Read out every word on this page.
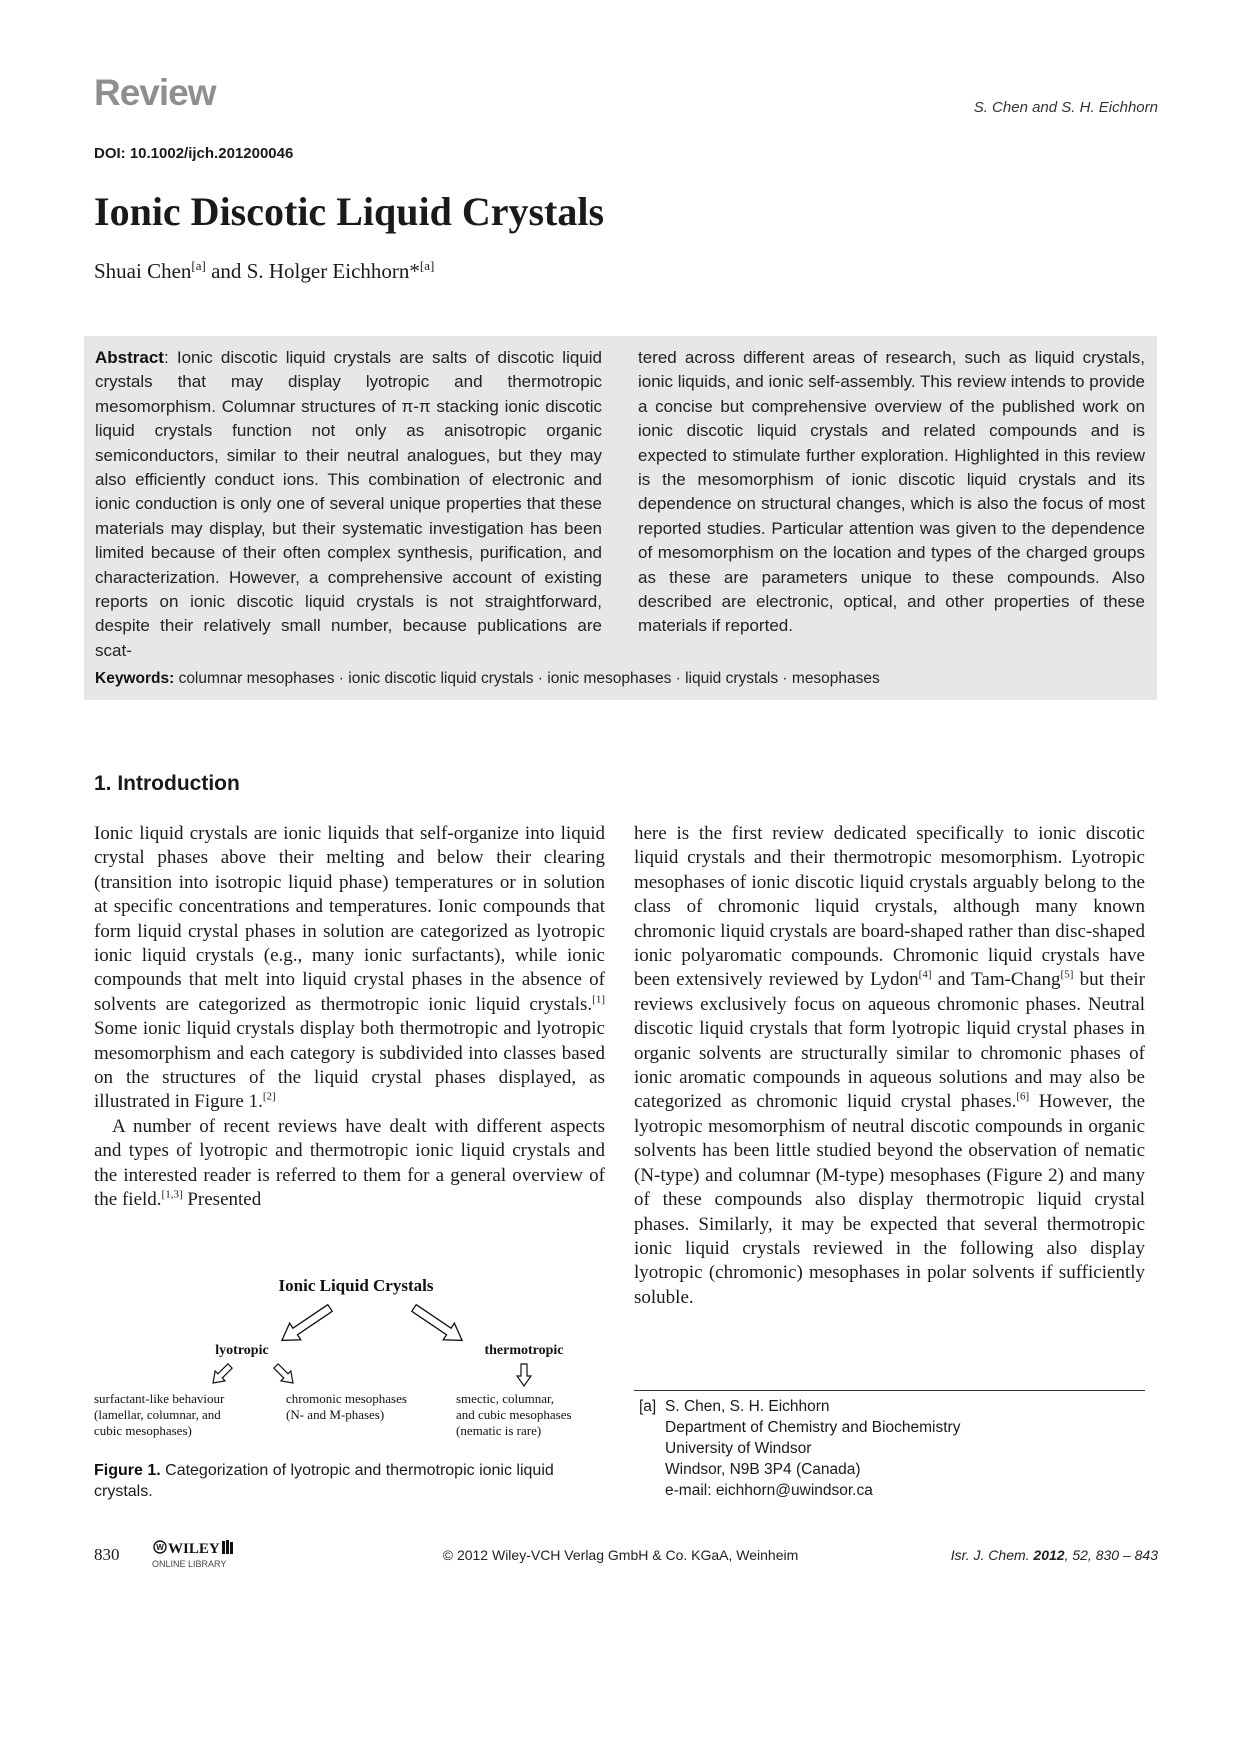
Review	S. Chen and S. H. Eichhorn
DOI: 10.1002/ijch.201200046
Ionic Discotic Liquid Crystals
Shuai Chen[a] and S. Holger Eichhorn*[a]
Abstract: Ionic discotic liquid crystals are salts of discotic liquid crystals that may display lyotropic and thermotropic mesomorphism. Columnar structures of π-π stacking ionic discotic liquid crystals function not only as anisotropic organic semiconductors, similar to their neutral analogues, but they may also efficiently conduct ions. This combination of electronic and ionic conduction is only one of several unique properties that these materials may display, but their systematic investigation has been limited because of their often complex synthesis, purification, and characterization. However, a comprehensive account of existing reports on ionic discotic liquid crystals is not straightforward, despite their relatively small number, because publications are scat-
tered across different areas of research, such as liquid crystals, ionic liquids, and ionic self-assembly. This review intends to provide a concise but comprehensive overview of the published work on ionic discotic liquid crystals and related compounds and is expected to stimulate further exploration. Highlighted in this review is the mesomorphism of ionic discotic liquid crystals and its dependence on structural changes, which is also the focus of most reported studies. Particular attention was given to the dependence of mesomorphism on the location and types of the charged groups as these are parameters unique to these compounds. Also described are electronic, optical, and other properties of these materials if reported.
Keywords: columnar mesophases · ionic discotic liquid crystals · ionic mesophases · liquid crystals · mesophases
1. Introduction

Ionic liquid crystals are ionic liquids that self-organize into liquid crystal phases above their melting and below their clearing (transition into isotropic liquid phase) temperatures or in solution at specific concentrations and temperatures. Ionic compounds that form liquid crystal phases in solution are categorized as lyotropic ionic liquid crystals (e.g., many ionic surfactants), while ionic compounds that melt into liquid crystal phases in the absence of solvents are categorized as thermotropic ionic liquid crystals.[1] Some ionic liquid crystals display both thermotropic and lyotropic mesomorphism and each category is subdivided into classes based on the structures of the liquid crystal phases displayed, as illustrated in Figure 1.[2]

A number of recent reviews have dealt with different aspects and types of lyotropic and thermotropic ionic liquid crystals and the interested reader is referred to them for a general overview of the field.[1,3] Presented

here is the first review dedicated specifically to ionic discotic liquid crystals and their thermotropic mesomorphism. Lyotropic mesophases of ionic discotic liquid crystals arguably belong to the class of chromonic liquid crystals, although many known chromonic liquid crystals are board-shaped rather than disc-shaped ionic polyaromatic compounds. Chromonic liquid crystals have been extensively reviewed by Lydon[4] and Tam-Chang[5] but their reviews exclusively focus on aqueous chromonic phases. Neutral discotic liquid crystals that form lyotropic liquid crystal phases in organic solvents are structurally similar to chromonic phases of ionic aromatic compounds in aqueous solutions and may also be categorized as chromonic liquid crystal phases.[6] However, the lyotropic mesomorphism of neutral discotic compounds in organic solvents has been little studied beyond the observation of nematic (N-type) and columnar (M-type) mesophases (Figure 2) and many of these compounds also display thermotropic liquid crystal phases. Similarly, it may be expected that several thermotropic ionic liquid crystals reviewed in the following also display lyotropic (chromonic) mesophases in polar solvents if sufficiently soluble.

Ionic Liquid Crystals
lyotropic	thermotropic
surfactant-like behaviour (lamellar, columnar, and cubic mesophases)
chromonic mesophases (N- and M-phases)
smectic, columnar, and cubic mesophases (nematic is rare)
Figure 1. Categorization of lyotropic and thermotropic ionic liquid crystals.
[a] S. Chen, S. H. Eichhorn
Department of Chemistry and Biochemistry
University of Windsor
Windsor, N9B 3P4 (Canada)
e-mail: eichhorn@uwindsor.ca
830	W WILEY
ONLINE LIBRARY
© 2012 Wiley-VCH Verlag GmbH & Co. KGaA, Weinheim	Isr. J. Chem. 2012, 52, 830 – 843
